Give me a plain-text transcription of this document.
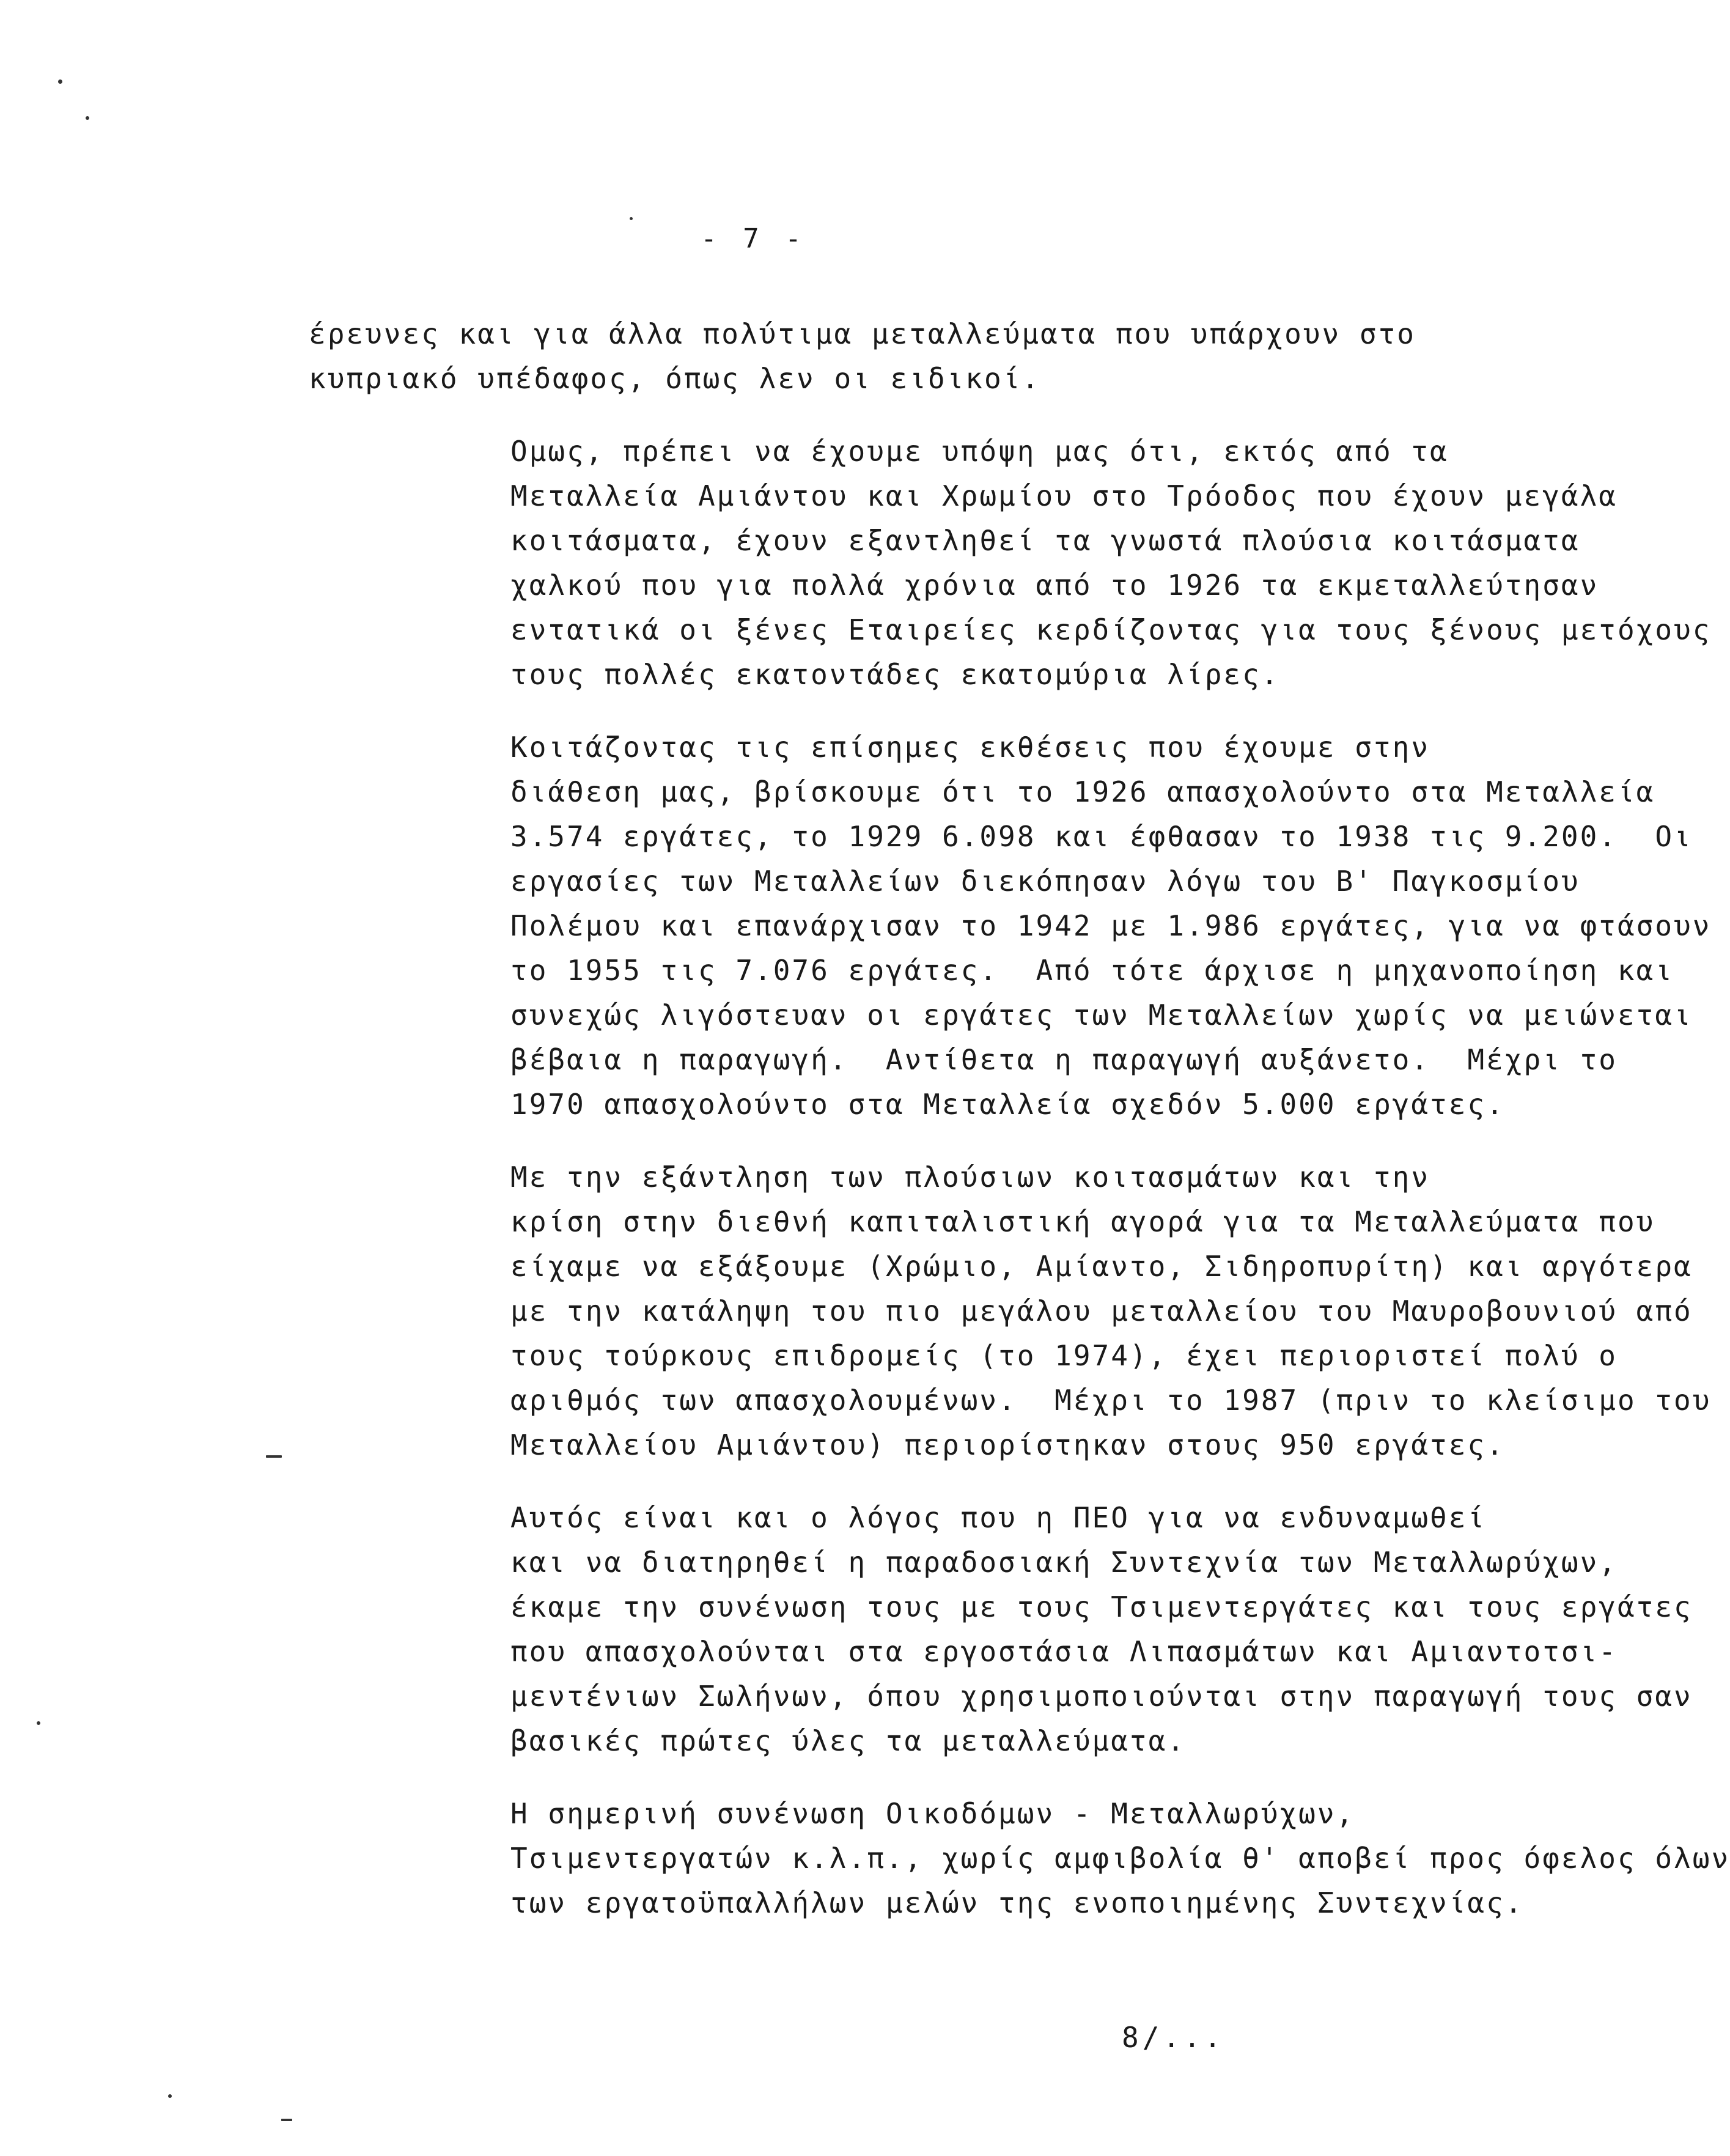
- 7 -
έρευνες και για άλλα πολύτιμα μεταλλεύματα που υπάρχουν στο
κυπριακό υπέδαφος, όπως λεν οι ειδικοί.
Ομως, πρέπει να έχουμε υπόψη μας ότι, εκτός από τα
Μεταλλεία Αμιάντου και Χρωμίου στο Τρόοδος που έχουν μεγάλα
κοιτάσματα, έχουν εξαντληθεί τα γνωστά πλούσια κοιτάσματα
χαλκού που για πολλά χρόνια από το 1926 τα εκμεταλλεύτησαν
εντατικά οι ξένες Εταιρείες κερδίζοντας για τους ξένους μετόχους
τους πολλές εκατοντάδες εκατομύρια λίρες.
Κοιτάζοντας τις επίσημες εκθέσεις που έχουμε στην
διάθεση μας, βρίσκουμε ότι το 1926 απασχολούντο στα Μεταλλεία
3.574 εργάτες, το 1929 6.098 και έφθασαν το 1938 τις 9.200.  Οι
εργασίες των Μεταλλείων διεκόπησαν λόγω του Β' Παγκοσμίου
Πολέμου και επανάρχισαν το 1942 με 1.986 εργάτες, για να φτάσουν
το 1955 τις 7.076 εργάτες.  Από τότε άρχισε η μηχανοποίηση και
συνεχώς λιγόστευαν οι εργάτες των Μεταλλείων χωρίς να μειώνεται
βέβαια η παραγωγή.  Αντίθετα η παραγωγή αυξάνετο.  Μέχρι το
1970 απασχολούντο στα Μεταλλεία σχεδόν 5.000 εργάτες.
Με την εξάντληση των πλούσιων κοιτασμάτων και την
κρίση στην διεθνή καπιταλιστική αγορά για τα Μεταλλεύματα που
είχαμε να εξάξουμε (Χρώμιο, Αμίαντο, Σιδηροπυρίτη) και αργότερα
με την κατάληψη του πιο μεγάλου μεταλλείου του Μαυροβουνιού από
τους τούρκους επιδρομείς (το 1974), έχει περιοριστεί πολύ ο
αριθμός των απασχολουμένων.  Μέχρι το 1987 (πριν το κλείσιμο του
Μεταλλείου Αμιάντου) περιορίστηκαν στους 950 εργάτες.
Αυτός είναι και ο λόγος που η ΠΕΟ για να ενδυναμωθεί
και να διατηρηθεί η παραδοσιακή Συντεχνία των Μεταλλωρύχων,
έκαμε την συνένωση τους με τους Τσιμεντεργάτες και τους εργάτες
που απασχολούνται στα εργοστάσια Λιπασμάτων και Αμιαντοτσι-
μεντένιων Σωλήνων, όπου χρησιμοποιούνται στην παραγωγή τους σαν
βασικές πρώτες ύλες τα μεταλλεύματα.
Η σημερινή συνένωση Οικοδόμων - Μεταλλωρύχων,
Τσιμεντεργατών κ.λ.π., χωρίς αμφιβολία θ' αποβεί προς όφελος όλων
των εργατοϋπαλλήλων μελών της ενοποιημένης Συντεχνίας.
8/...
